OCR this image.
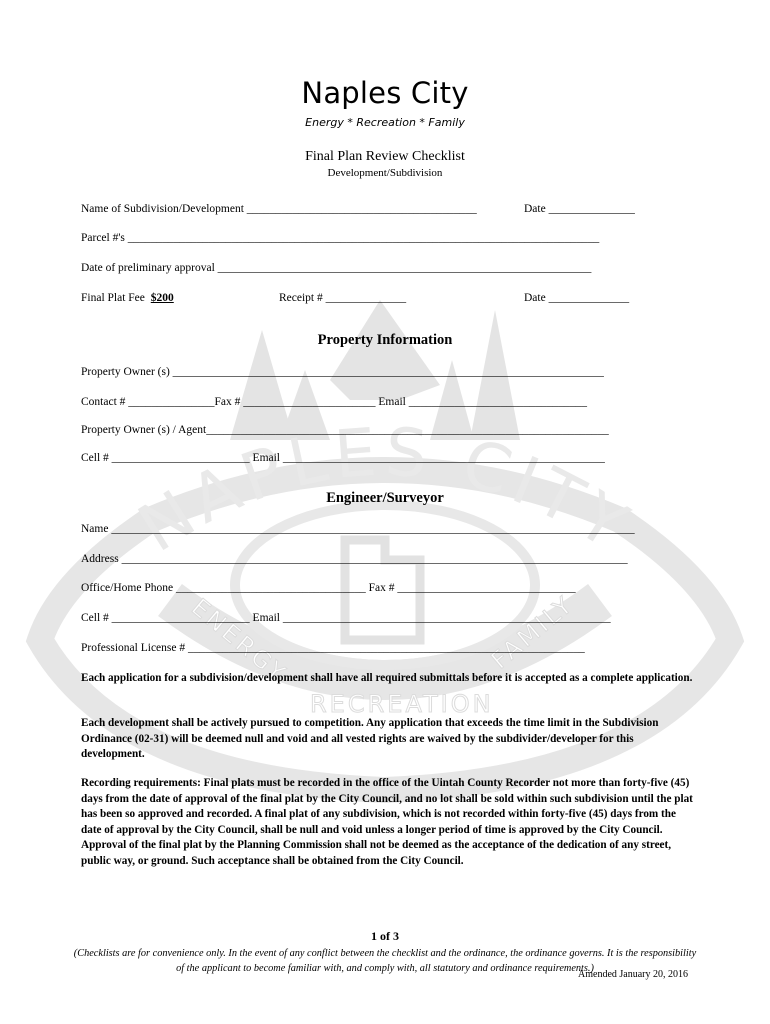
NAPLES CITY
ENERGY
RECREATION
FAMILY
Naples City
Energy * Recreation * Family
Final Plan Review Checklist
Development/Subdivision
Name of Subdivision/Development ________________________________________	Date _______________
Parcel #'s __________________________________________________________________________________
Date of preliminary approval _________________________________________________________________
Final Plat Fee $200	Receipt # ______________	Date ______________
Property Information
Property Owner (s) ___________________________________________________________________________
Contact # _______________Fax # _______________________ Email _______________________________
Property Owner (s) / Agent______________________________________________________________________
Cell # ________________________ Email ________________________________________________________
Engineer/Surveyor
Name ___________________________________________________________________________________________
Address ________________________________________________________________________________________
Office/Home Phone _________________________________ Fax # _______________________________
Cell # ________________________ Email _________________________________________________________
Professional License # _____________________________________________________________________
Each application for a subdivision/development shall have all required submittals before it is accepted as a complete application.
Each development shall be actively pursued to competition. Any application that exceeds the time limit in the Subdivision Ordinance (02-31) will be deemed null and void and all vested rights are waived by the subdivider/developer for this development.
Recording requirements: Final plats must be recorded in the office of the Uintah County Recorder not more than forty-five (45) days from the date of approval of the final plat by the City Council, and no lot shall be sold within such subdivision until the plat has been so approved and recorded. A final plat of any subdivision, which is not recorded within forty-five (45) days from the date of approval by the City Council, shall be null and void unless a longer period of time is approved by the City Council. Approval of the final plat by the Planning Commission shall not be deemed as the acceptance of the dedication of any street, public way, or ground. Such acceptance shall be obtained from the City Council.
1 of 3
(Checklists are for convenience only. In the event of any conflict between the checklist and the ordinance, the ordinance governs. It is the responsibility of the applicant to become familiar with, and comply with, all statutory and ordinance requirements.)
Amended January 20, 2016
